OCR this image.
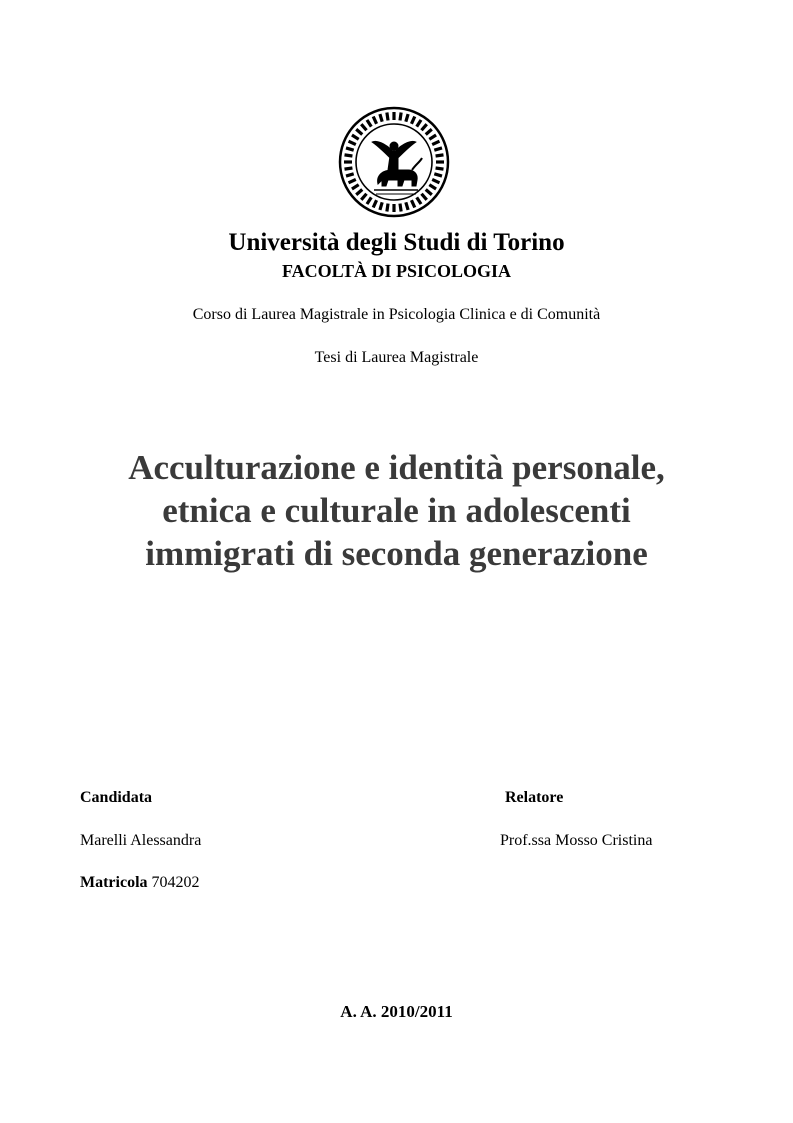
Università degli Studi di Torino
FACOLTÀ DI PSICOLOGIA
Corso di Laurea Magistrale in Psicologia Clinica e di Comunità
Tesi di Laurea Magistrale
Acculturazione e identità personale,
etnica e culturale in adolescenti
immigrati di seconda generazione
Candidata
Marelli Alessandra
Matricola 704202
Relatore
Prof.ssa Mosso Cristina
A. A. 2010/2011
